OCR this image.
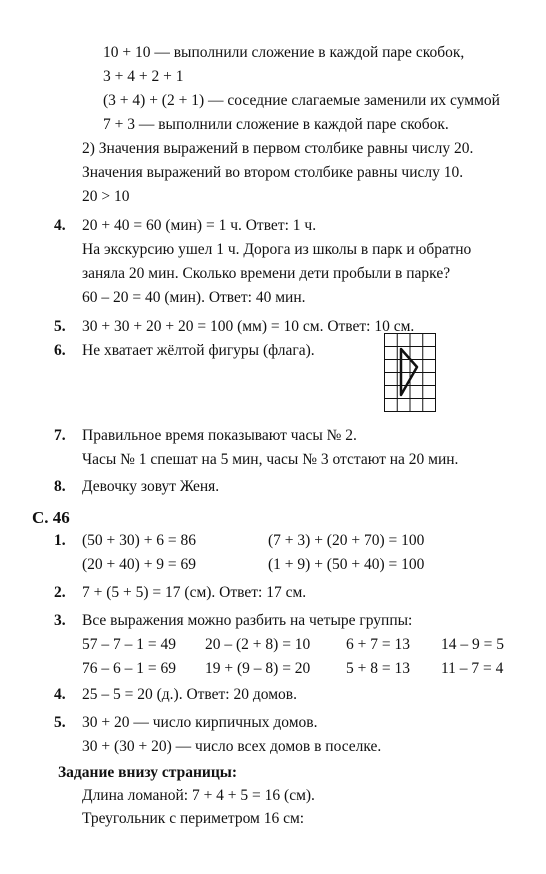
10 + 10 — выполнили сложение в каждой паре скобок,
3 + 4 + 2 + 1
(3 + 4) + (2 + 1) — соседние слагаемые заменили их суммой
7 + 3 — выполнили сложение в каждой паре скобок.
2) Значения выражений в первом столбике равны числу 20.
Значения выражений во втором столбике равны числу 10.
20 > 10
4. 20 + 40 = 60 (мин) = 1 ч. Ответ: 1 ч.
На экскурсию ушел 1 ч. Дорога из школы в парк и обратно
заняла 20 мин. Сколько времени дети пробыли в парке?
60 – 20 = 40 (мин). Ответ: 40 мин.
5. 30 + 30 + 20 + 20 = 100 (мм) = 10 см. Ответ: 10 см.
6. Не хватает жёлтой фигуры (флага).
7. Правильное время показывают часы № 2.
Часы № 1 спешат на 5 мин, часы № 3 отстают на 20 мин.
8. Девочку зовут Женя.
С. 46
1. (50 + 30) + 6 = 86	(7 + 3) + (20 + 70) = 100
(20 + 40) + 9 = 69	(1 + 9) + (50 + 40) = 100
2. 7 + (5 + 5) = 17 (см). Ответ: 17 см.
3. Все выражения можно разбить на четыре группы:
57 – 7 – 1 = 49 20 – (2 + 8) = 10 6 + 7 = 13 14 – 9 = 5
76 – 6 – 1 = 69 19 + (9 – 8) = 20 5 + 8 = 13 11 – 7 = 4
4. 25 – 5 = 20 (д.). Ответ: 20 домов.
5. 30 + 20 — число кирпичных домов.
30 + (30 + 20) — число всех домов в поселке.
Задание внизу страницы:
Длина ломаной: 7 + 4 + 5 = 16 (см).
Треугольник с периметром 16 см:
